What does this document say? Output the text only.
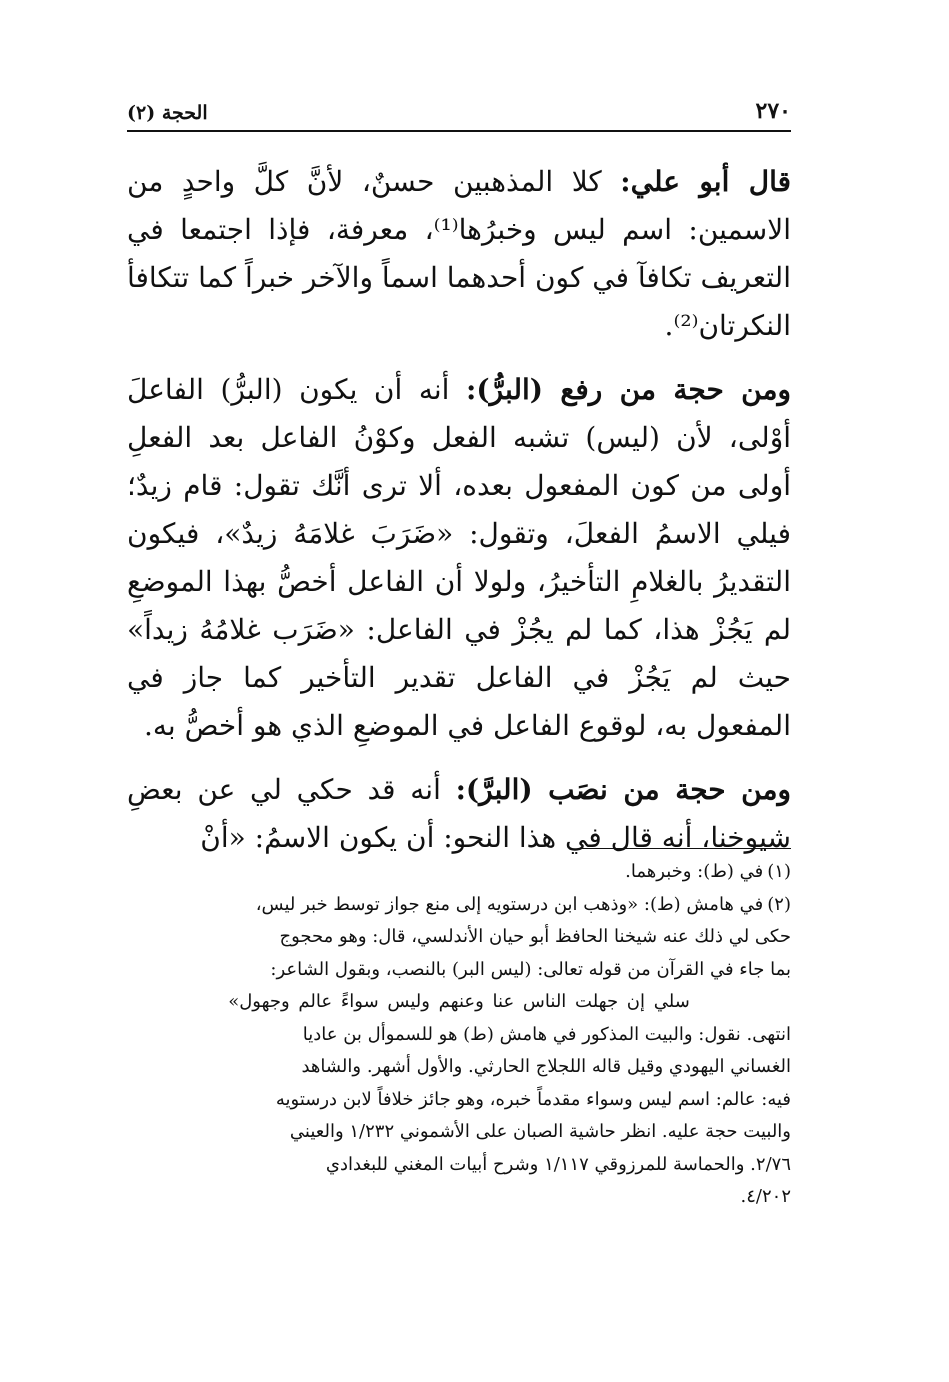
٢٧٠
الحجة (٢)

قال أبو علي: كلا المذهبين حسنٌ، لأنَّ كلَّ واحدٍ من الاسمين: اسم ليس وخبرُها⁽¹⁾، معرفة، فإذا اجتمعا في التعريف تكافآ في كون أحدهما اسماً والآخر خبراً كما تتكافأ النكرتان⁽²⁾.

ومن حجة من رفع (البرُّ): أنه أن يكون (البرُّ) الفاعلَ أوْلى، لأن (ليس) تشبه الفعل وكوْنُ الفاعل بعد الفعلِ أولى من كون المفعول بعده، ألا ترى أنَّك تقول: قام زيدٌ؛ فيلي الاسمُ الفعلَ، وتقول: «ضَرَبَ غلامَهُ زيدٌ»، فيكون التقديرُ بالغلامِ التأخيرُ، ولولا أن الفاعل أخصُّ بهذا الموضعِ لم يَجُزْ هذا، كما لم يجُزْ في الفاعل: «ضَرَب غلامُهُ زيداً» حيث لم يَجُزْ في الفاعل تقدير التأخير كما جاز في المفعول به، لوقوع الفاعل في الموضعِ الذي هو أخصُّ به.

ومن حجة من نصَب (البرَّ): أنه قد حكي لي عن بعضِ شيوخنا، أنه قال في هذا النحو: أن يكون الاسمُ: «أنْ

(١)في (ط): وخبرهما.

(٢)في هامش (ط): «وذهب ابن درستويه إلى منع جواز توسط خبر ليس،
حكى لي ذلك عنه شيخنا الحافظ أبو حيان الأندلسي، قال: وهو محجوج
بما جاء في القرآن من قوله تعالى: (ليس البر) بالنصب، وبقول الشاعر:
سلي إن جهلت الناس عنا وعنهم وليس سواءً عالم وجهول»
انتهى. نقول: والبيت المذكور في هامش (ط) هو للسموأل بن عاديا
الغساني اليهودي وقيل قاله اللجلاج الحارثي. والأول أشهر. والشاهد
فيه: عالم: اسم ليس وسواء مقدماً خبره، وهو جائز خلافاً لابن درستويه
والبيت حجة عليه. انظر حاشية الصبان على الأشموني ١/٢٣٢ والعيني
٢/٧٦. والحماسة للمرزوقي ١/١١٧ وشرح أبيات المغني للبغدادي
٤/٢٠٢.
